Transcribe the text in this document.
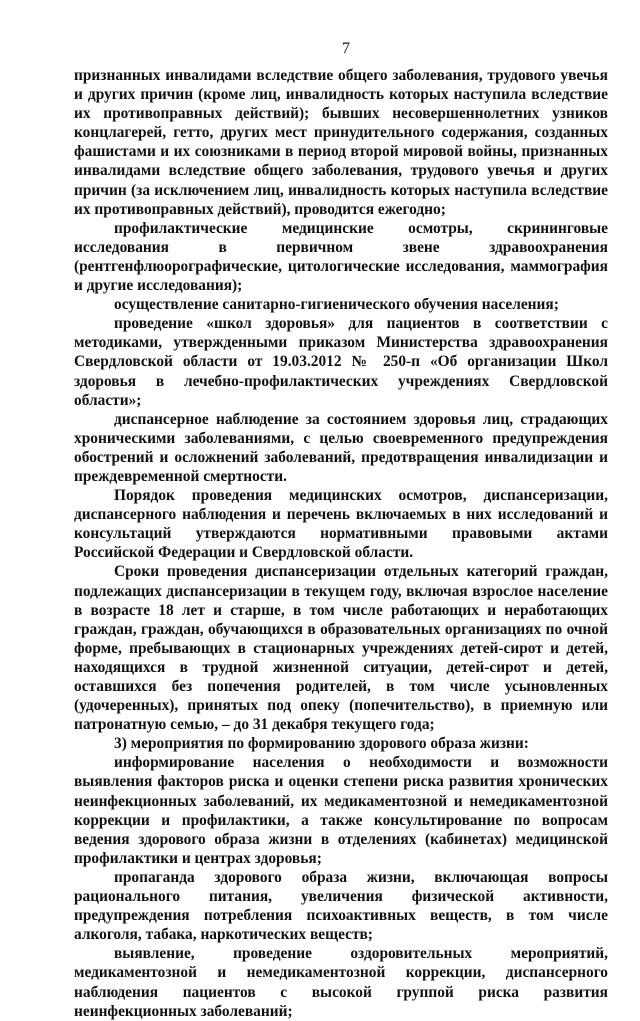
7

признанных инвалидами вследствие общего заболевания, трудового увечья и других причин (кроме лиц, инвалидность которых наступила вследствие их противоправных действий); бывших несовершеннолетних узников концлагерей, гетто, других мест принудительного содержания, созданных фашистами и их союзниками в период второй мировой войны, признанных инвалидами вследствие общего заболевания, трудового увечья и других причин (за исключением лиц, инвалидность которых наступила вследствие их противоправных действий), проводится ежегодно;

профилактические медицинские осмотры, скрининговые исследования в первичном звене здравоохранения (рентгенфлюорографические, цитологические исследования, маммография и другие исследования);

осуществление санитарно-гигиенического обучения населения;

проведение «школ здоровья» для пациентов в соответствии с методиками, утвержденными приказом Министерства здравоохранения Свердловской области от 19.03.2012 № 250-п «Об организации Школ здоровья в лечебно-профилактических учреждениях Свердловской области»;

диспансерное наблюдение за состоянием здоровья лиц, страдающих хроническими заболеваниями, с целью своевременного предупреждения обострений и осложнений заболеваний, предотвращения инвалидизации и преждевременной смертности.

Порядок проведения медицинских осмотров, диспансеризации, диспансерного наблюдения и перечень включаемых в них исследований и консультаций утверждаются нормативными правовыми актами Российской Федерации и Свердловской области.

Сроки проведения диспансеризации отдельных категорий граждан, подлежащих диспансеризации в текущем году, включая взрослое население в возрасте 18 лет и старше, в том числе работающих и неработающих граждан, граждан, обучающихся в образовательных организациях по очной форме, пребывающих в стационарных учреждениях детей-сирот и детей, находящихся в трудной жизненной ситуации, детей-сирот и детей, оставшихся без попечения родителей, в том числе усыновленных (удочеренных), принятых под опеку (попечительство), в приемную или патронатную семью, – до 31 декабря текущего года;

3) мероприятия по формированию здорового образа жизни:

информирование населения о необходимости и возможности выявления факторов риска и оценки степени риска развития хронических неинфекционных заболеваний, их медикаментозной и немедикаментозной коррекции и профилактики, а также консультирование по вопросам ведения здорового образа жизни в отделениях (кабинетах) медицинской профилактики и центрах здоровья;

пропаганда здорового образа жизни, включающая вопросы рационального питания, увеличения физической активности, предупреждения потребления психоактивных веществ, в том числе алкоголя, табака, наркотических веществ;

выявление, проведение оздоровительных мероприятий, медикаментозной и немедикаментозной коррекции, диспансерного наблюдения пациентов с высокой группой риска развития неинфекционных заболеваний;
